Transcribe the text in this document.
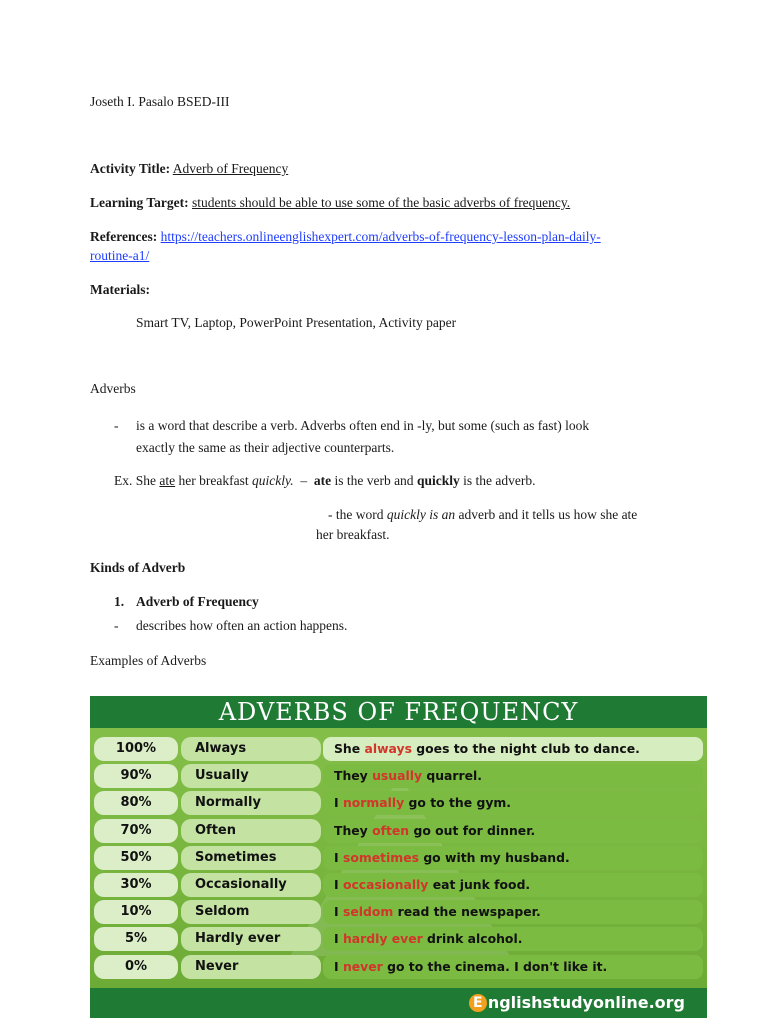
Joseth I. Pasalo BSED-III
Activity Title: Adverb of Frequency
Learning Target: students should be able to use some of the basic adverbs of frequency.
References: https://teachers.onlineenglishexpert.com/adverbs-of-frequency-lesson-plan-daily-
routine-a1/
Materials:
Smart TV, Laptop, PowerPoint Presentation, Activity paper
Adverbs
- is a word that describe a verb. Adverbs often end in -ly, but some (such as fast) look
exactly the same as their adjective counterparts.
Ex. She ate her breakfast quickly.  –  ate is the verb and quickly is the adverb.
- the word quickly is an adverb and it tells us how she ate
her breakfast.
Kinds of Adverb
1. Adverb of Frequency
- describes how often an action happens.
Examples of Adverbs
ADVERBS OF FREQUENCY
100%	Always	She always goes to the night club to dance.
90%	Usually	They usually quarrel.
80%	Normally	I normally go to the gym.
70%	Often	They often go out for dinner.
50%	Sometimes	I sometimes go with my husband.
30%	Occasionally	I occasionally eat junk food.
10%	Seldom	I seldom read the newspaper.
5%	Hardly ever	I hardly ever drink alcohol.
0%	Never	I never go to the cinema. I don't like it.
E nglishstudyonline.org
